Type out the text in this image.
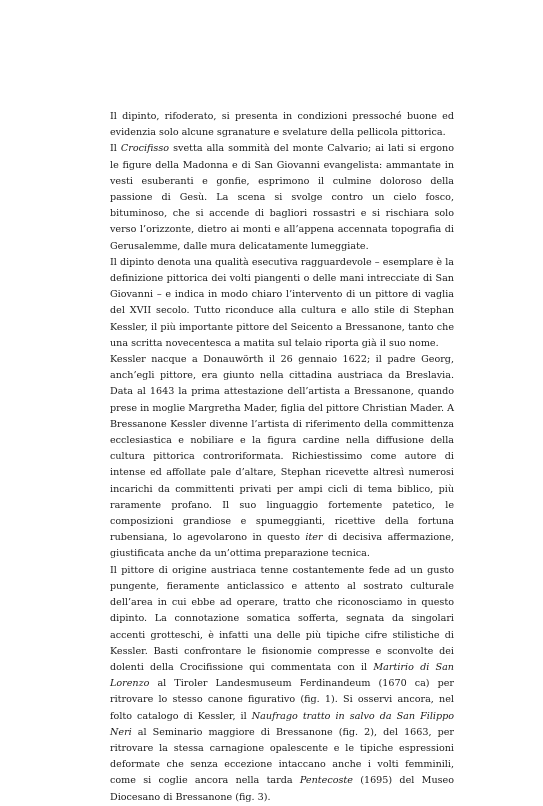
Il dipinto, rifoderato, si presenta in condizioni pressoché buone ed evidenzia solo alcune sgranature e svelature della pellicola pittorica.

Il Crocifisso svetta alla sommità del monte Calvario; ai lati si ergono le figure della Madonna e di San Giovanni evangelista: ammantate in vesti esuberanti e gonfie, esprimono il culmine doloroso della passione di Gesù. La scena si svolge contro un cielo fosco, bituminoso, che si accende di bagliori rossastri e si rischiara solo verso l’orizzonte, dietro ai monti e all’appena accennata topografia di Gerusalemme, dalle mura delicatamente lumeggiate.

Il dipinto denota una qualità esecutiva ragguardevole – esemplare è la definizione pittorica dei volti piangenti o delle mani intrecciate di San Giovanni – e indica in modo chiaro l’intervento di un pittore di vaglia del XVII secolo. Tutto riconduce alla cultura e allo stile di Stephan Kessler, il più importante pittore del Seicento a Bressanone, tanto che una scritta novecentesca a matita sul telaio riporta già il suo nome.

Kessler nacque a Donauwörth il 26 gennaio 1622; il padre Georg, anch’egli pittore, era giunto nella cittadina austriaca da Breslavia. Data al 1643 la prima attestazione dell’artista a Bressanone, quando prese in moglie Margretha Mader, figlia del pittore Christian Mader. A Bressanone Kessler divenne l’artista di riferimento della committenza ecclesiastica e nobiliare e la figura cardine nella diffusione della cultura pittorica controriformata. Richiestissimo come autore di intense ed affollate pale d’altare, Stephan ricevette altresì numerosi incarichi da committenti privati per ampi cicli di tema biblico, più raramente profano. Il suo linguaggio fortemente patetico, le composizioni grandiose e spumeggianti, ricettive della fortuna rubensiana, lo agevolarono in questo iter di decisiva affermazione, giustificata anche da un’ottima preparazione tecnica.

Il pittore di origine austriaca tenne costantemente fede ad un gusto pungente, fieramente anticlassico e attento al sostrato culturale dell’area in cui ebbe ad operare, tratto che riconosciamo in questo dipinto. La connotazione somatica sofferta, segnata da singolari accenti grotteschi, è infatti una delle più tipiche cifre stilistiche di Kessler. Basti confrontare le fisionomie compresse e sconvolte dei dolenti della Crocifissione qui commentata con il Martirio di San Lorenzo al Tiroler Landesmuseum Ferdinandeum (1670 ca) per ritrovare lo stesso canone figurativo (fig. 1). Si osservi ancora, nel folto catalogo di Kessler, il Naufrago tratto in salvo da San Filippo Neri al Seminario maggiore di Bressanone (fig. 2), del 1663, per ritrovare la stessa carnagione opalescente e le tipiche espressioni deformate che senza eccezione intaccano anche i volti femminili, come si coglie ancora nella tarda Pentecoste (1695) del Museo Diocesano di Bressanone (fig. 3).
